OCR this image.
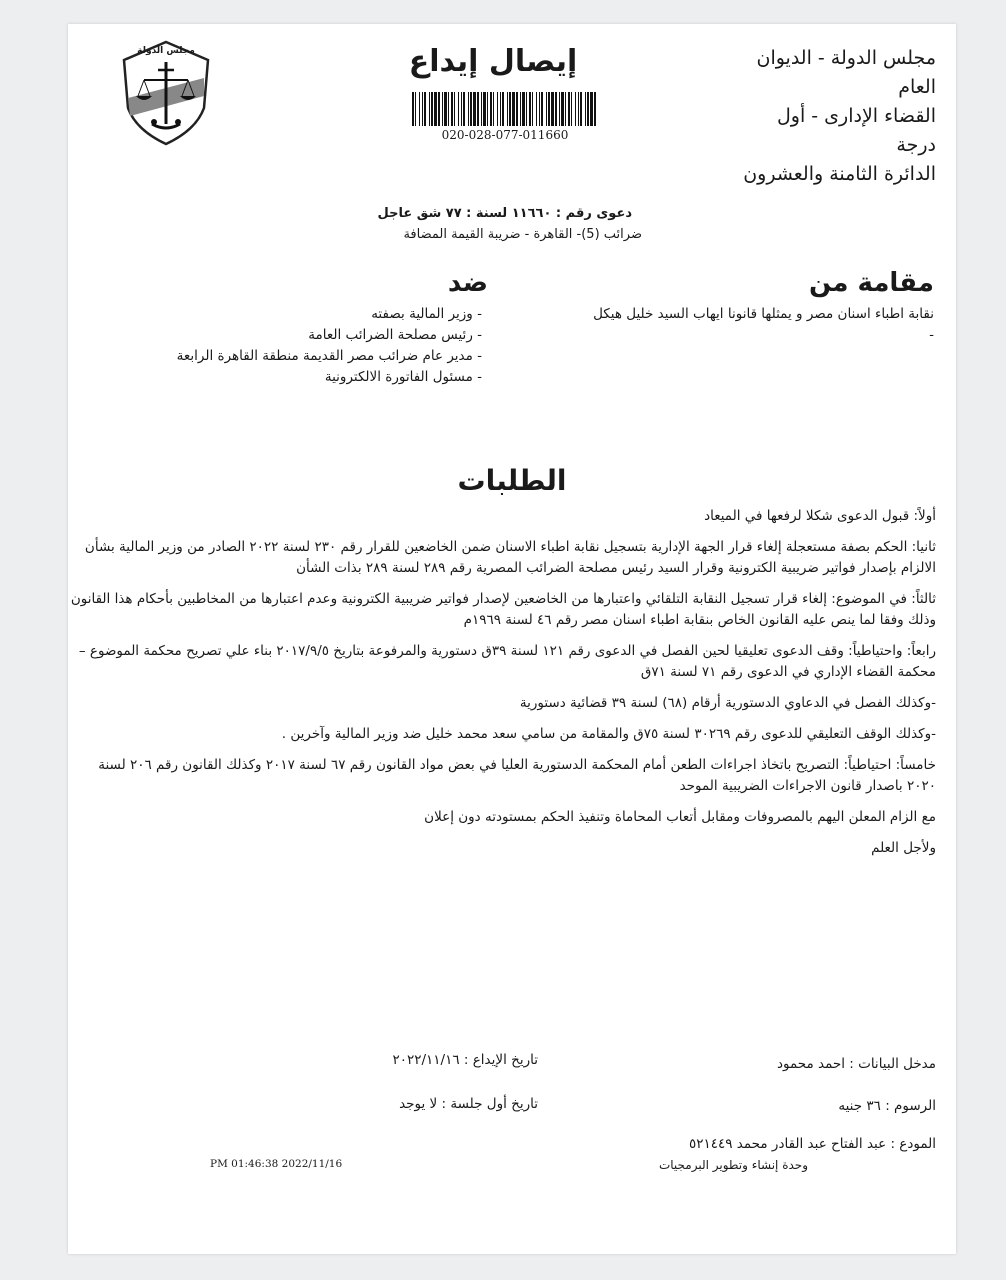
مجلس الدولة - الديوان
العام
القضاء الإدارى - أول
درجة
الدائرة الثامنة والعشرون
إيصال إيداع
020-028-077-011660
مجلس الدولة
دعوى رقم : ١١٦٦٠ لسنة : ٧٧ شق عاجل
ضرائب (5)- القاهرة - ضريبة القيمة المضافة
مقامة من
نقابة اطباء اسنان مصر و يمثلها قانونا ايهاب السيد خليل هيكل
-
ضد
- وزير المالية بصفته
- رئيس مصلحة الضرائب العامة
- مدير عام ضرائب مصر القديمة منطقة القاهرة الرابعة
- مسئول الفاتورة الالكترونية
الطلبات
أولاً: قبول الدعوى شكلا لرفعها في الميعاد
ثانيا: الحكم بصفة مستعجلة إلغاء قرار الجهة الإدارية بتسجيل نقابة اطباء الاسنان ضمن الخاضعين للقرار رقم ٢٣٠ لسنة ٢٠٢٢ الصادر من وزير المالية بشأن الالزام بإصدار فواتير ضريبية الكترونية وقرار السيد رئيس مصلحة الضرائب المصرية رقم ٢٨٩ لسنة ٢٨٩ بذات الشأن
ثالثاً: في الموضوع: إلغاء قرار تسجيل النقابة التلقائي واعتبارها من الخاضعين لإصدار فواتير ضريبية الكترونية وعدم اعتبارها من المخاطبين بأحكام هذا القانون وذلك وفقا لما ينص عليه القانون الخاص بنقابة اطباء اسنان مصر رقم ٤٦ لسنة ١٩٦٩م
رابعاً: واحتياطياً: وقف الدعوى تعليقيا لحين الفصل في الدعوى رقم ١٢١ لسنة ٣٩ق دستورية والمرفوعة بتاريخ ٢٠١٧/٩/٥ بناء علي تصريح محكمة الموضوع – محكمة القضاء الإداري في الدعوى رقم ٧١ لسنة ٧١ق
-وكذلك الفصل في الدعاوي الدستورية أرقام (٦٨) لسنة ٣٩ قضائية دستورية
-وكذلك الوقف التعليقي للدعوى رقم ٣٠٢٦٩ لسنة ٧٥ق والمقامة من سامي سعد محمد خليل ضد وزير المالية وآخرين .
خامساً: احتياطياً: التصريح باتخاذ اجراءات الطعن أمام المحكمة الدستورية العليا في بعض مواد القانون رقم ٦٧ لسنة ٢٠١٧ وكذلك القانون رقم ٢٠٦ لسنة ٢٠٢٠ باصدار قانون الاجراءات الضريبية الموحد
مع الزام المعلن اليهم بالمصروفات ومقابل أتعاب المحاماة وتنفيذ الحكم بمستودته دون إعلان
ولأجل العلم
مدخل البيانات : احمد محمود
تاريخ الإيداع : ٢٠٢٢/١١/١٦
الرسوم : ٣٦ جنيه
تاريخ أول جلسة : لا يوجد
المودع : عبد الفتاح عبد القادر محمد ٥٢١٤٤٩
وحدة إنشاء وتطوير البرمجيات
PM 01:46:38 2022/11/16
